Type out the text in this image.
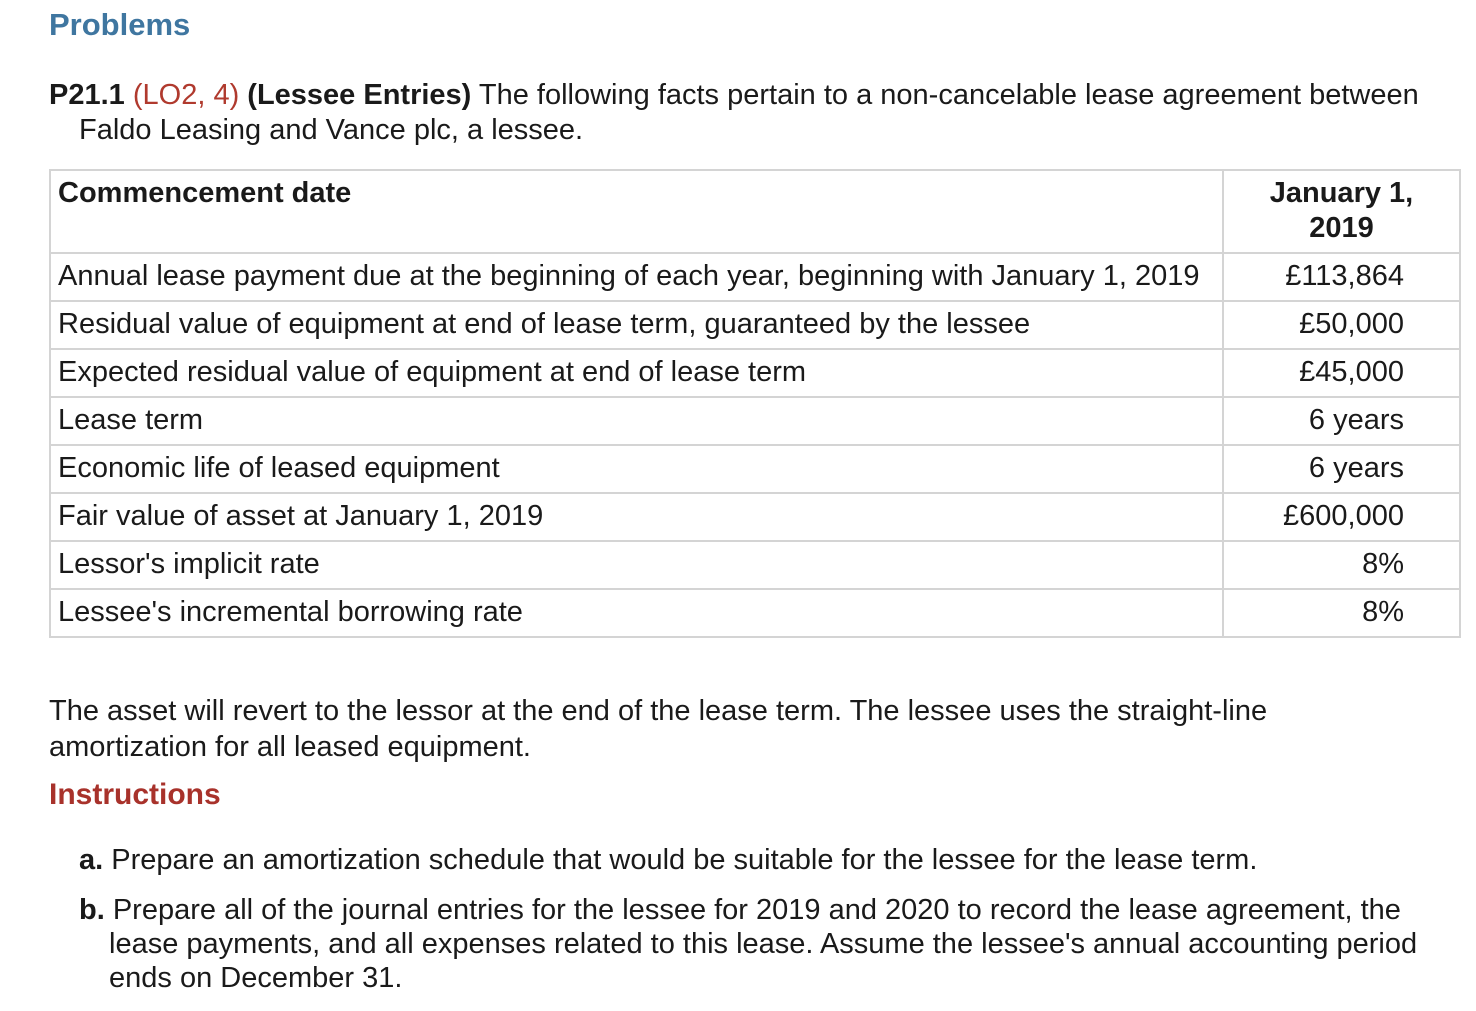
Problems

P21.1 (LO2, 4) (Lessee Entries) The following facts pertain to a non-cancelable lease agreement between Faldo Leasing and Vance plc, a lessee.

Commencement date	January 1, 2019
Annual lease payment due at the beginning of each year, beginning with January 1, 2019	£113,864
Residual value of equipment at end of lease term, guaranteed by the lessee	£50,000
Expected residual value of equipment at end of lease term	£45,000
Lease term	6 years
Economic life of leased equipment	6 years
Fair value of asset at January 1, 2019	£600,000
Lessor's implicit rate	8%
Lessee's incremental borrowing rate	8%

The asset will revert to the lessor at the end of the lease term. The lessee uses the straight-line amortization for all leased equipment.

Instructions
a. Prepare an amortization schedule that would be suitable for the lessee for the lease term.
b. Prepare all of the journal entries for the lessee for 2019 and 2020 to record the lease agreement, the lease payments, and all expenses related to this lease. Assume the lessee's annual accounting period ends on December 31.
